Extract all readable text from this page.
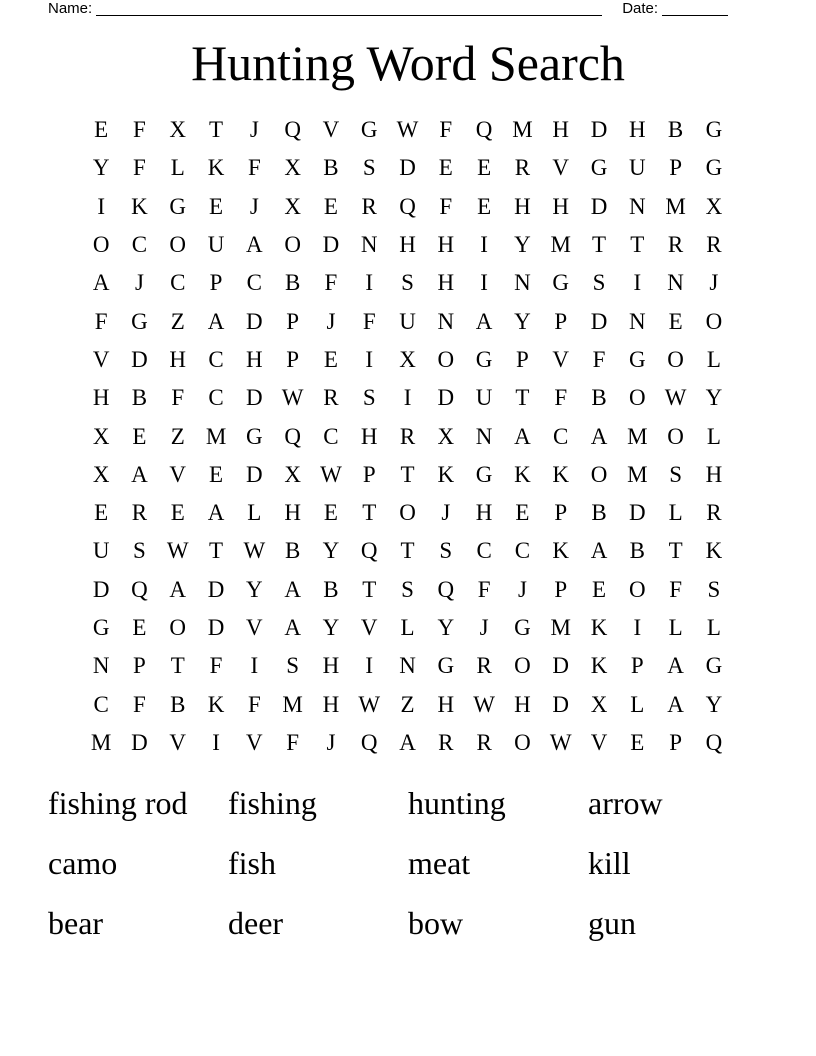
Name:	Date:
Hunting Word Search
E	F	X T	J	Q V G W F	Q M H D H B G
Y	F	L K	F	X B	S	D E	E	R V G U	P	G
I	K G E	J	X E	R Q	F	E H H D N M X
O C O U A O D N H H	I	Y M T	T	R R
A	J	C	P	C B	F	I	S	H	I	N G	S	I	N	J
F	G Z A D	P	J	F	U N A Y	P	D N E O
V D H C H	P	E	I	X O G	P	V	F	G O L
H B	F	C D W R	S	I	D U T	F	B O W Y
X E	Z M G Q C H R X N A C A M O L
X A V E D X W P	T K G K K O M S	H
E	R	E A L H E	T O	J	H E	P	B D L	R
U	S W T W B Y Q T	S	C C K A B	T K
D Q A D Y A B	T	S	Q	F	J	P	E O	F	S
G E O D V A Y V L Y	J	G M K	I	L	L
N	P	T	F	I	S	H	I	N G R O D K	P	A G
C	F	B K	F M H W Z H W H D X L A Y
M D V	I	V	F	J	Q A R R O W V E	P	Q
fishing rod	fishing	hunting	arrow
camo	fish	meat	kill
bear	deer	bow	gun
